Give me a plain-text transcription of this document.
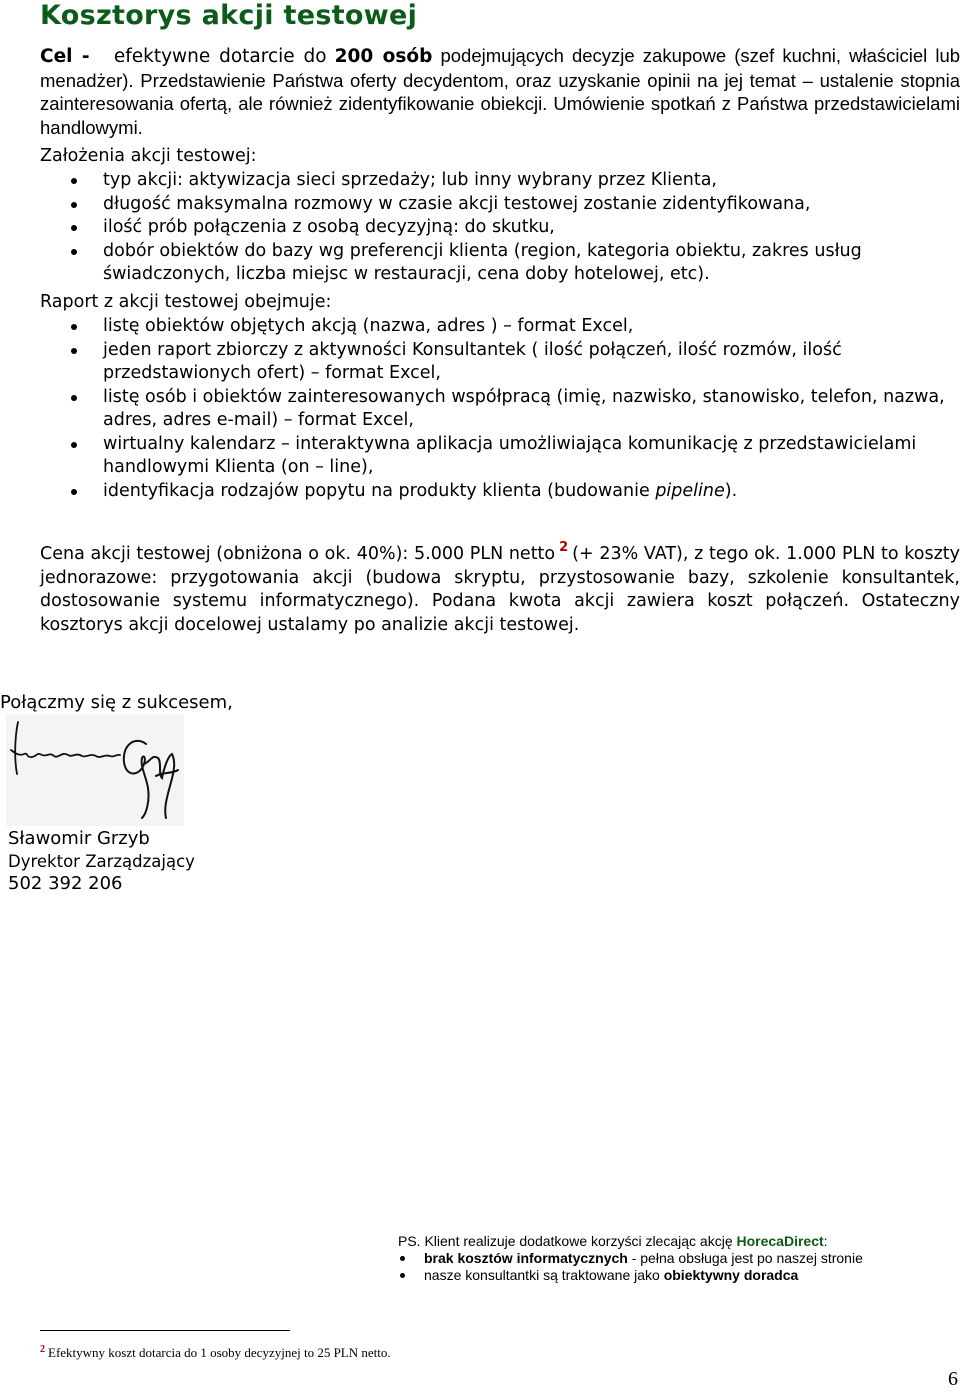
Kosztorys akcji testowej
Cel - efektywne dotarcie do 200 osób podejmujących decyzje zakupowe (szef kuchni, właściciel lub menadżer). Przedstawienie Państwa oferty decydentom, oraz uzyskanie opinii na jej temat – ustalenie stopnia zainteresowania ofertą, ale również zidentyfikowanie obiekcji. Umówienie spotkań z Państwa przedstawicielami handlowymi.
Założenia akcji testowej:
typ akcji: aktywizacja sieci sprzedaży; lub inny wybrany przez Klienta,
długość maksymalna rozmowy w czasie akcji testowej zostanie zidentyfikowana,
ilość prób połączenia z osobą decyzyjną: do skutku,
dobór obiektów do bazy wg preferencji klienta (region, kategoria obiektu, zakres usług świadczonych, liczba miejsc w restauracji, cena doby hotelowej, etc).
Raport z akcji testowej obejmuje:
listę obiektów objętych akcją (nazwa, adres ) – format Excel,
jeden raport zbiorczy z aktywności Konsultantek ( ilość połączeń, ilość rozmów, ilość przedstawionych ofert) – format Excel,
listę osób i obiektów zainteresowanych współpracą (imię, nazwisko, stanowisko, telefon, nazwa, adres, adres e-mail) – format Excel,
wirtualny kalendarz – interaktywna aplikacja umożliwiająca komunikację z przedstawicielami handlowymi Klienta (on – line),
identyfikacja rodzajów popytu na produkty klienta (budowanie pipeline).
Cena akcji testowej (obniżona o ok. 40%): 5.000 PLN netto $^2$ (+ 23% VAT), z tego ok. 1.000 PLN to koszty jednorazowe: przygotowania akcji (budowa skryptu, przystosowanie bazy, szkolenie konsultantek, dostosowanie systemu informatycznego). Podana kwota akcji zawiera koszt połączeń. Ostateczny kosztorys akcji docelowej ustalamy po analizie akcji testowej.
Połączmy się z sukcesem,
Sławomir Grzyb
Dyrektor Zarządzający
502 392 206
PS. Klient realizuje dodatkowe korzyści zlecając akcję HorecaDirect:
brak kosztów informatycznych - pełna obsługa jest po naszej stronie
nasze konsultantki są traktowane jako obiektywny doradca
$^2$ Efektywny koszt dotarcia do 1 osoby decyzyjnej to 25 PLN netto.
6
